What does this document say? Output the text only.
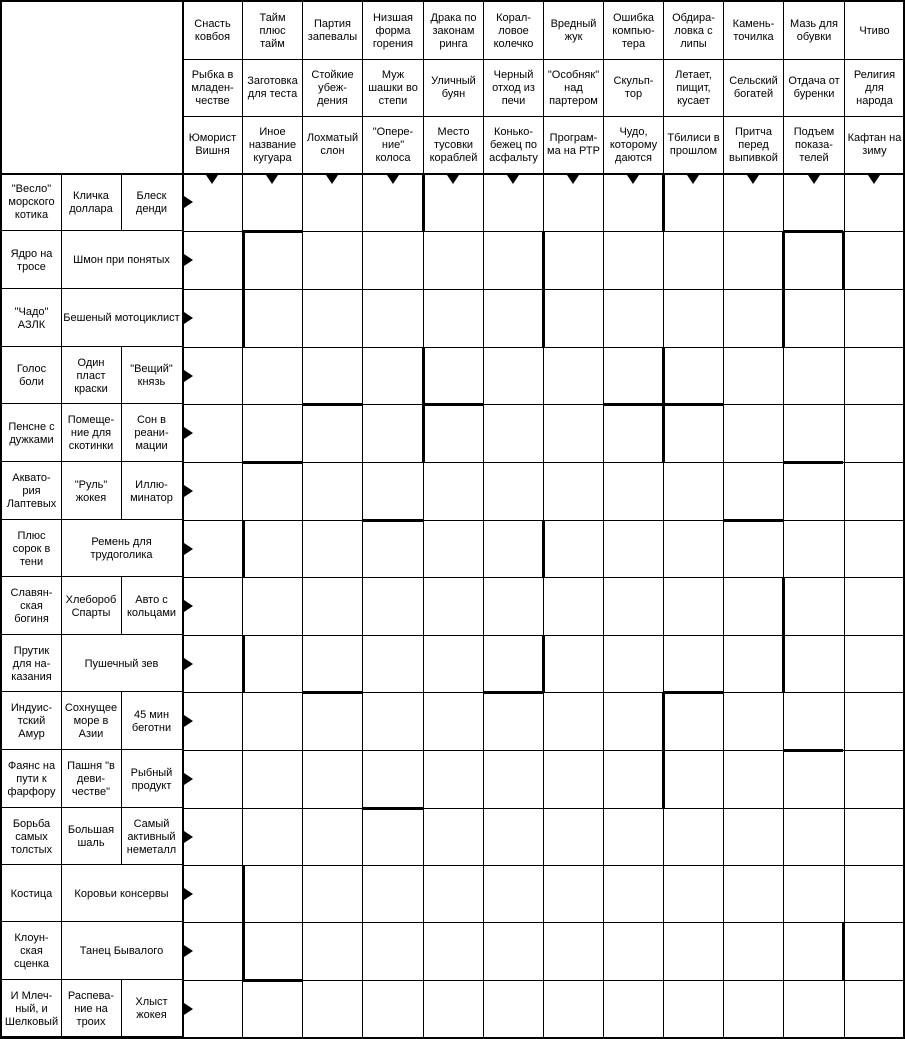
Снасть
ковбоя
Рыбка в
младен-
честве
Юморист
Вишня
Тайм плюс
тайм
Заготовка
для теста
Иное
название
кугуара
Партия
запевалы
Стойкие
убеж-
дения
Лохматый
слон
Низшая
форма
горения
Муж
шашки во
степи
"Опере-
ние"
колоса
Драка по
законам
ринга
Уличный
буян
Место
тусовки
кораблей
Корал-
ловое
колечко
Черный
отход из
печи
Конько-
бежец по
асфальту
Вредный
жук
"Особняк"
над
партером
Програм-
ма на РТР
Ошибка
компью-
тера
Скульп-
тор
Чудо,
которому
даются
Обдира-
ловка с
липы
Летает,
пищит,
кусает
Тбилиси в
прошлом
Камень-
точилка
Сельский
богатей
Притча
перед
выпивкой
Мазь для
обувки
Отдача от
буренки
Подъем
показа-
телей
Чтиво
Религия
для
народа
Кафтан на
зиму
"Весло"
морского
котика
Кличка
доллара
Блеск
денди
Ядро на
тросе
Шмон при понятых
"Чадо"
АЗЛК
Бешеный мотоциклист
Голос
боли
Один
пласт
краски
"Вещий"
князь
Пенсне с
дужками
Помеще-
ние для
скотинки
Сон в
реани-
мации
Аквато-
рия
Лаптевых
"Руль"
жокея
Иллю-
минатор
Плюс
сорок в
тени
Ремень для
трудоголика
Славян-
ская
богиня
Хлебороб
Спарты
Авто с
кольцами
Прутик
для на-
казания
Пушечный зев
Индуис-
тский
Амур
Сохнущее
море в
Азии
45 мин
беготни
Фаянс на
пути к
фарфору
Пашня "в
деви-
честве"
Рыбный
продукт
Борьба
самых
толстых
Большая
шаль
Самый
активный
неметалл
Костица	Коровьи консервы
Клоун-
ская
сценка
Танец Бывалого
И Млеч-
ный, и
Шелковый
Распева-
ние на
троих
Хлыст
жокея
